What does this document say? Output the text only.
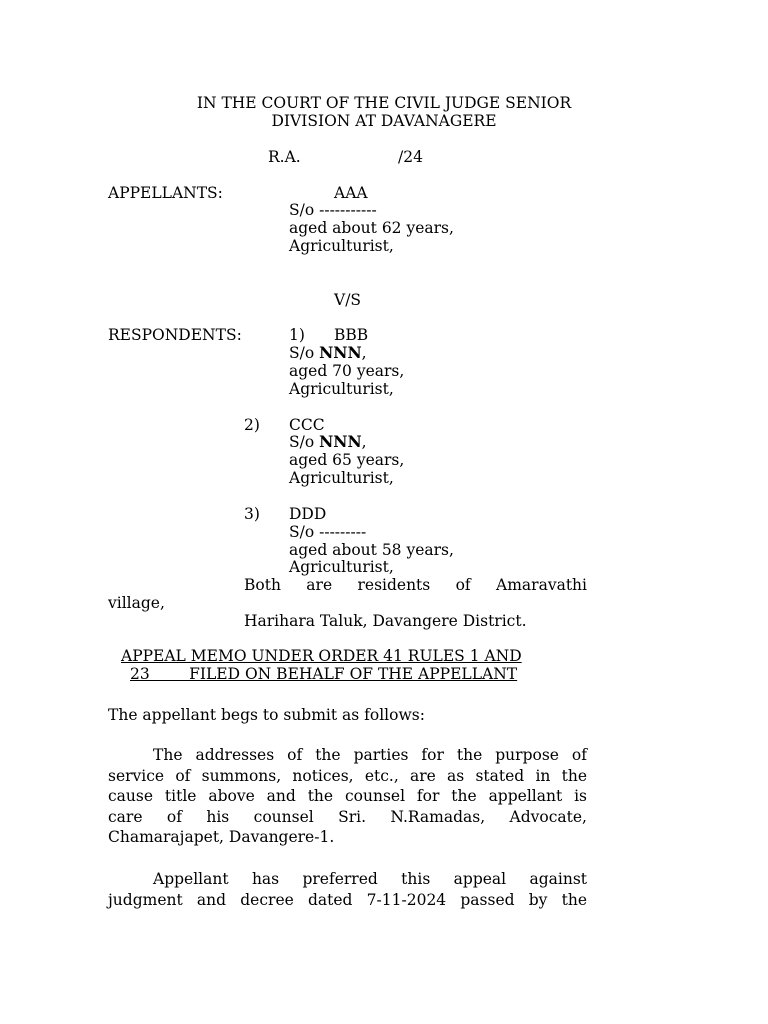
IN THE COURT OF THE CIVIL JUDGE SENIOR

DIVISION AT DAVANAGERE

R.A.	/24

APPELLANTS:	AAA

S/o -----------

aged about 62 years,

Agriculturist,

V/S

RESPONDENTS:	1) BBB

S/o NNN,

aged 70 years,

Agriculturist,

2) CCC

S/o NNN,

aged 65 years,

Agriculturist,

3) DDD

S/o ---------

aged about 58 years,

Agriculturist,

Both are residents of Amaravathi

village,

Harihara Taluk, Davangere District.

APPEAL MEMO UNDER ORDER 41 RULES 1 AND

23        FILED ON BEHALF OF THE APPELLANT

The appellant begs to submit as follows:

The addresses of the parties for the purpose of
service of summons, notices, etc., are as stated in the
cause title above and the counsel for the appellant is
care of his counsel Sri. N.Ramadas, Advocate,
Chamarajapet, Davangere-1.
Appellant has preferred this appeal against
judgment and decree dated 7-11-2024 passed by the
